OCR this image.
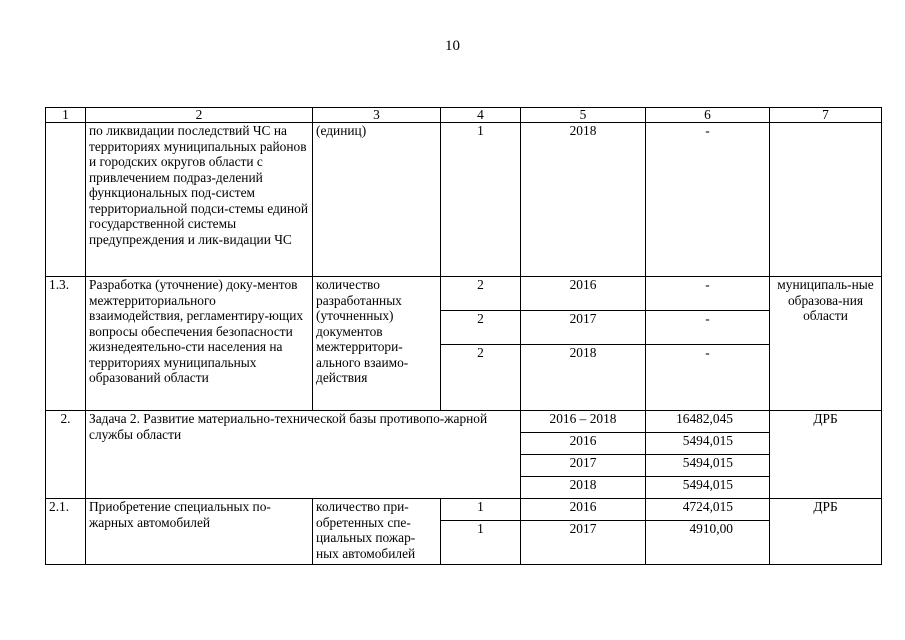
10
1	2	3	4	5	6	7
	по ликвидации последствий ЧС на территориях муниципальных районов и городских округов области с привлечением подраз-делений функциональных под-систем территориальной подси-стемы единой государственной системы предупреждения и лик-видации ЧС	(единиц)	1	2018	-	
1.3.	Разработка (уточнение) доку-ментов межтерриториального взаимодействия, регламентиру-ющих вопросы обеспечения безопасности жизнедеятельно-сти населения на территориях муниципальных образований области	количество разработанных (уточненных) документов межтерритори-ального взаимо-действия	2	2016	-	муниципаль-ные образова-ния области
			2	2017	-	
			2	2018	-	
2.	Задача 2. Развитие материально-технической базы противопо-жарной службы области			2016 – 2018	16482,045	ДРБ
				2016	5494,015	
				2017	5494,015	
				2018	5494,015	
2.1.	Приобретение специальных по-жарных автомобилей	количество при-обретенных спе-циальных пожар-ных автомобилей	1	2016	4724,015	ДРБ
			1	2017	4910,00	
